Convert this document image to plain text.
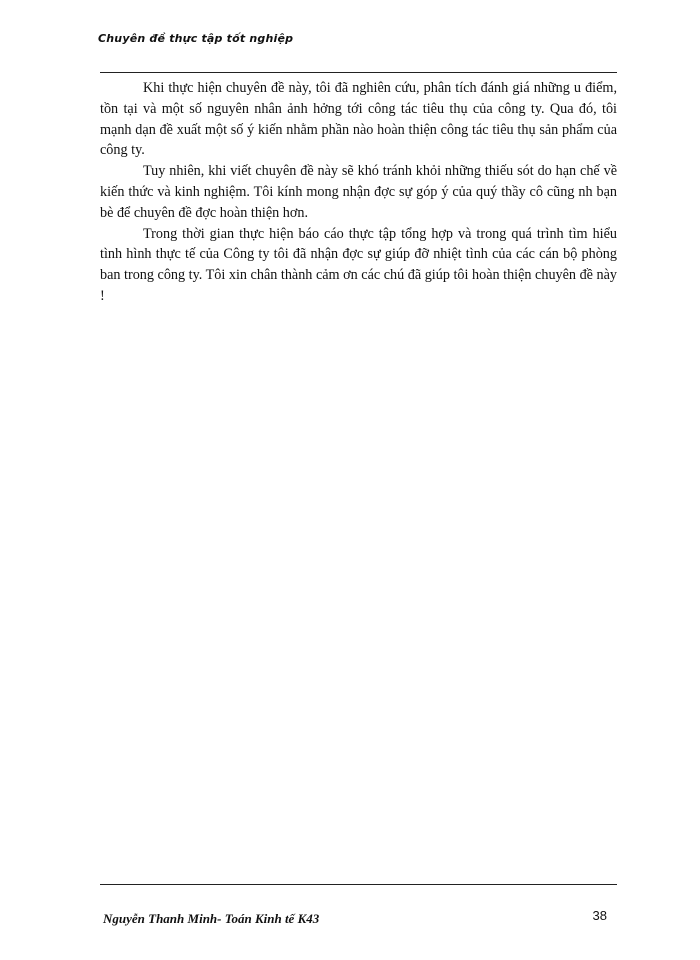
Chuyên đề thực tập tốt nghiệp

Khi thực hiện chuyên đề này, tôi đã nghiên cứu, phân tích đánh giá những u điểm, tồn tại và một số nguyên nhân ảnh hởng tới công tác tiêu thụ của công ty. Qua đó, tôi mạnh dạn đề xuất một số ý kiến nhằm phần nào hoàn thiện công tác tiêu thụ sản phẩm của công ty.

Tuy nhiên, khi viết chuyên đề này sẽ khó tránh khỏi những thiếu sót do hạn chế về kiến thức và kinh nghiệm. Tôi kính mong nhận đợc sự góp ý của quý thầy cô cũng nh bạn bè để chuyên đề đợc hoàn thiện hơn.

Trong thời gian thực hiện báo cáo thực tập tổng hợp và trong quá trình tìm hiểu tình hình thực tế của Công ty tôi đã nhận đợc sự giúp đỡ nhiệt tình của các cán bộ phòng ban trong công ty. Tôi xin chân thành cảm ơn các chú đã giúp tôi hoàn thiện chuyên đề này !

Nguyễn Thanh Minh- Toán Kinh tế K43	38
